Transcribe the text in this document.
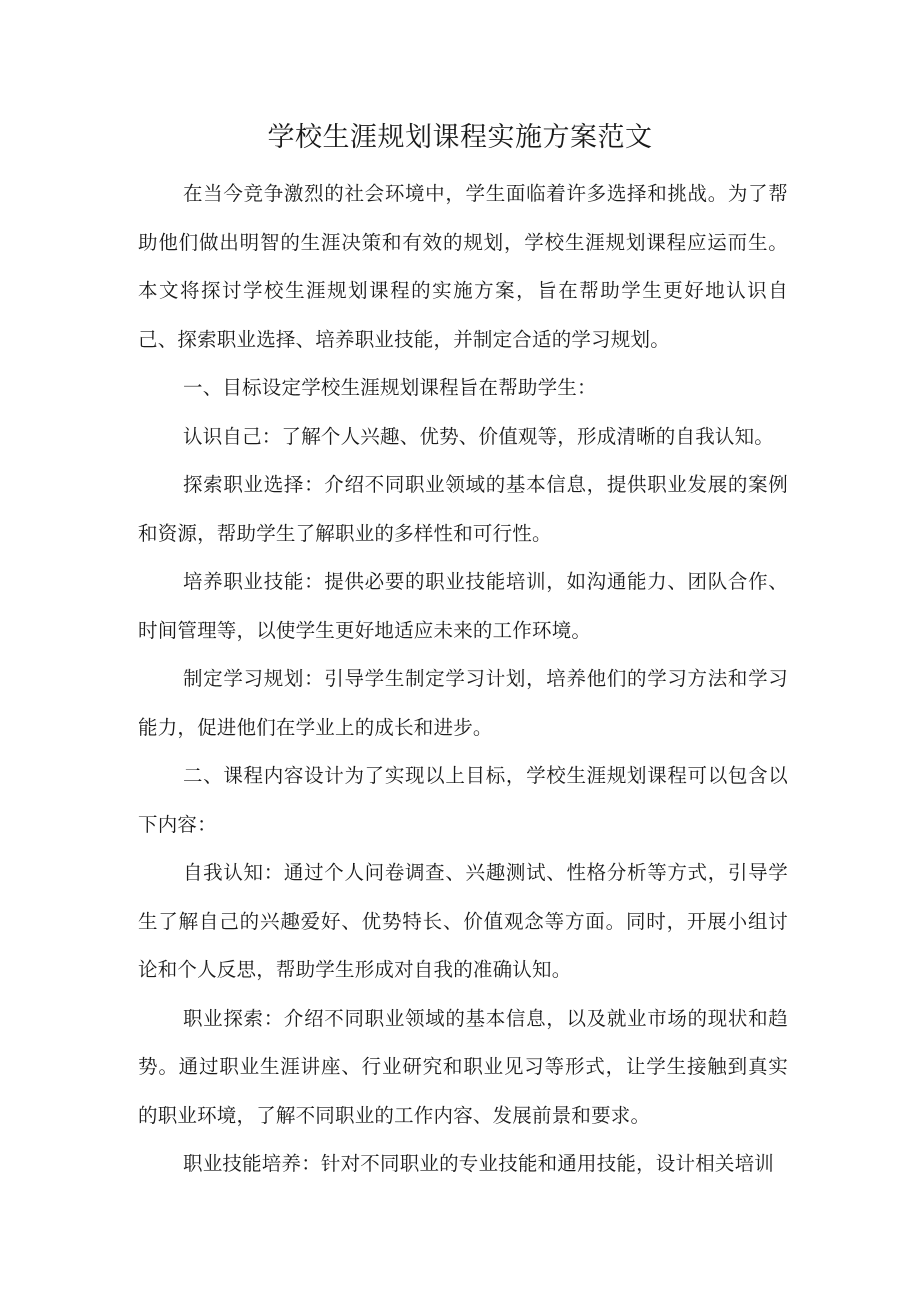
学校生涯规划课程实施方案范文

在当今竞争激烈的社会环境中，学生面临着许多选择和挑战。为了帮助他们做出明智的生涯决策和有效的规划，学校生涯规划课程应运而生。本文将探讨学校生涯规划课程的实施方案，旨在帮助学生更好地认识自己、探索职业选择、培养职业技能，并制定合适的学习规划。

一、目标设定学校生涯规划课程旨在帮助学生：

认识自己：了解个人兴趣、优势、价值观等，形成清晰的自我认知。

探索职业选择：介绍不同职业领域的基本信息，提供职业发展的案例和资源，帮助学生了解职业的多样性和可行性。

培养职业技能：提供必要的职业技能培训，如沟通能力、团队合作、时间管理等，以使学生更好地适应未来的工作环境。

制定学习规划：引导学生制定学习计划，培养他们的学习方法和学习能力，促进他们在学业上的成长和进步。

二、课程内容设计为了实现以上目标，学校生涯规划课程可以包含以下内容：

自我认知：通过个人问卷调查、兴趣测试、性格分析等方式，引导学生了解自己的兴趣爱好、优势特长、价值观念等方面。同时，开展小组讨论和个人反思，帮助学生形成对自我的准确认知。

职业探索：介绍不同职业领域的基本信息，以及就业市场的现状和趋势。通过职业生涯讲座、行业研究和职业见习等形式，让学生接触到真实的职业环境，了解不同职业的工作内容、发展前景和要求。

职业技能培养：针对不同职业的专业技能和通用技能，设计相关培训
